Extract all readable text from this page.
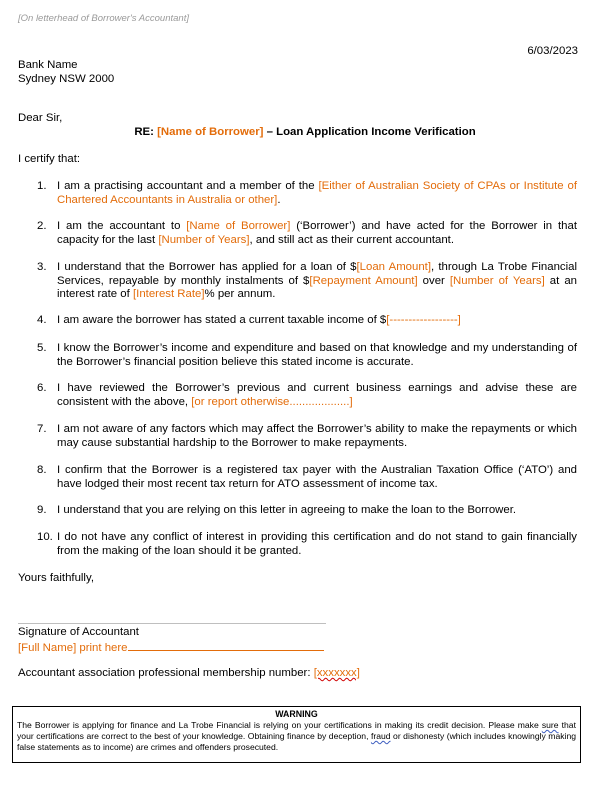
[On letterhead of Borrower's Accountant]
6/03/2023
Bank Name
Sydney NSW 2000
Dear Sir,
RE: [Name of Borrower] – Loan Application Income Verification
I certify that:
1. I am a practising accountant and a member of the [Either of Australian Society of CPAs or Institute of Chartered Accountants in Australia or other].
2. I am the accountant to [Name of Borrower] (‘Borrower’) and have acted for the Borrower in that capacity for the last [Number of Years], and still act as their current accountant.
3. I understand that the Borrower has applied for a loan of $[Loan Amount], through La Trobe Financial Services, repayable by monthly instalments of $[Repayment Amount] over [Number of Years] at an interest rate of [Interest Rate]% per annum.
4. I am aware the borrower has stated a current taxable income of $[------------------]
5. I know the Borrower’s income and expenditure and based on that knowledge and my understanding of the Borrower’s financial position believe this stated income is accurate.
6. I have reviewed the Borrower’s previous and current business earnings and advise these are consistent with the above, [or report otherwise...................]
7. I am not aware of any factors which may affect the Borrower’s ability to make the repayments or which may cause substantial hardship to the Borrower to make repayments.
8. I confirm that the Borrower is a registered tax payer with the Australian Taxation Office (‘ATO’) and have lodged their most recent tax return for ATO assessment of income tax.
9. I understand that you are relying on this letter in agreeing to make the loan to the Borrower.
10. I do not have any conflict of interest in providing this certification and do not stand to gain financially from the making of the loan should it be granted.
Yours faithfully,
Signature of Accountant
[Full Name] print here
Accountant association professional membership number: [xxxxxxx]
WARNING
The Borrower is applying for finance and La Trobe Financial is relying on your certifications in making its credit decision. Please make sure that your certifications are correct to the best of your knowledge. Obtaining finance by deception, fraud or dishonesty (which includes knowingly making false statements as to income) are crimes and offenders prosecuted.
